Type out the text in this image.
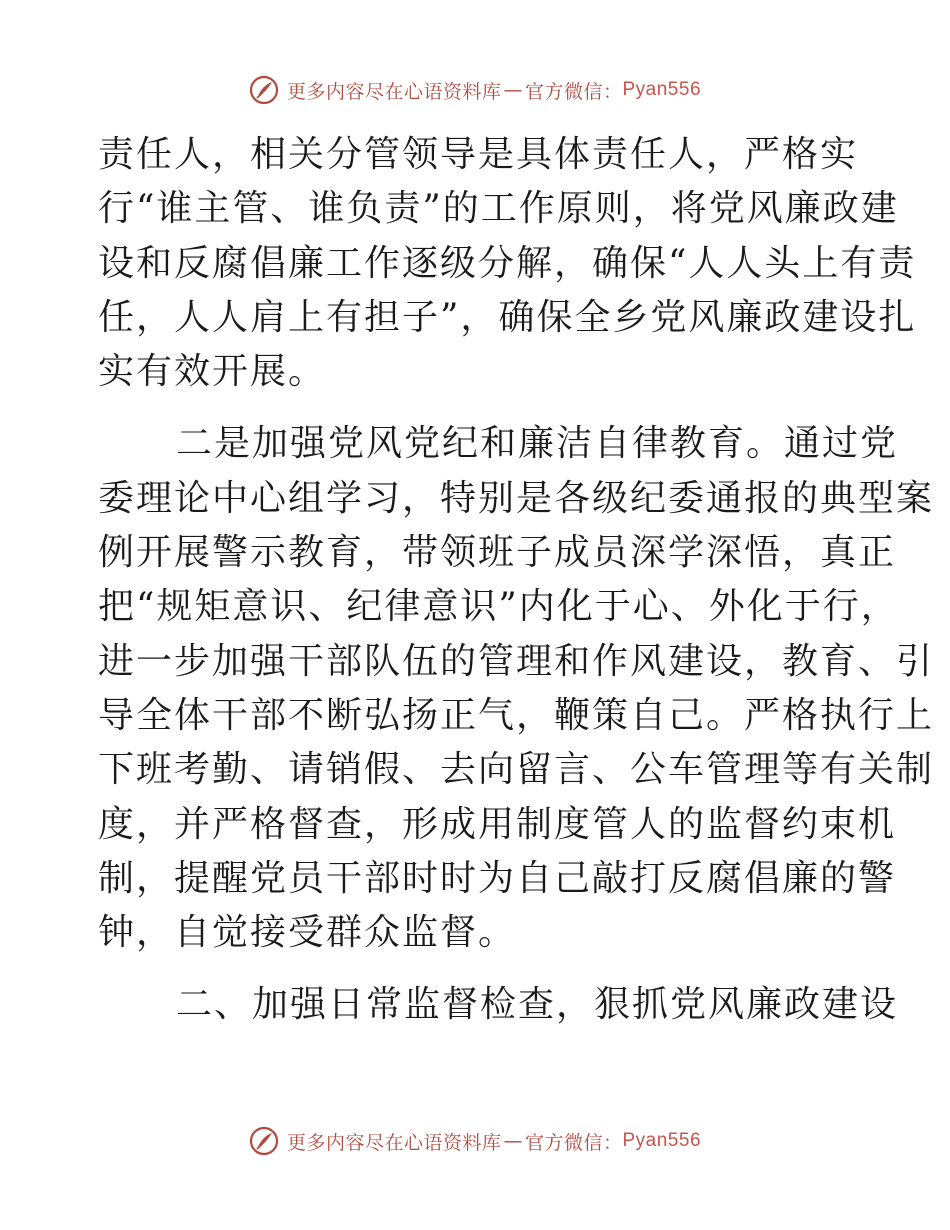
更多内容尽在心语资料库 — 官方微信： Pyan556
责任人，相关分管领导是具体责任人，严格实
行“谁主管、谁负责”的工作原则，将党风廉政建
设和反腐倡廉工作逐级分解，确保“人人头上有责
任，人人肩上有担子”，确保全乡党风廉政建设扎
实有效开展。
二是加强党风党纪和廉洁自律教育。通过党
委理论中心组学习，特别是各级纪委通报的典型案
例开展警示教育，带领班子成员深学深悟，真正
把“规矩意识、纪律意识”内化于心、外化于行，
进一步加强干部队伍的管理和作风建设，教育、引
导全体干部不断弘扬正气，鞭策自己。严格执行上
下班考勤、请销假、去向留言、公车管理等有关制
度，并严格督查，形成用制度管人的监督约束机
制，提醒党员干部时时为自己敲打反腐倡廉的警
钟，自觉接受群众监督。
二、加强日常监督检查，狠抓党风廉政建设
更多内容尽在心语资料库 — 官方微信： Pyan556
